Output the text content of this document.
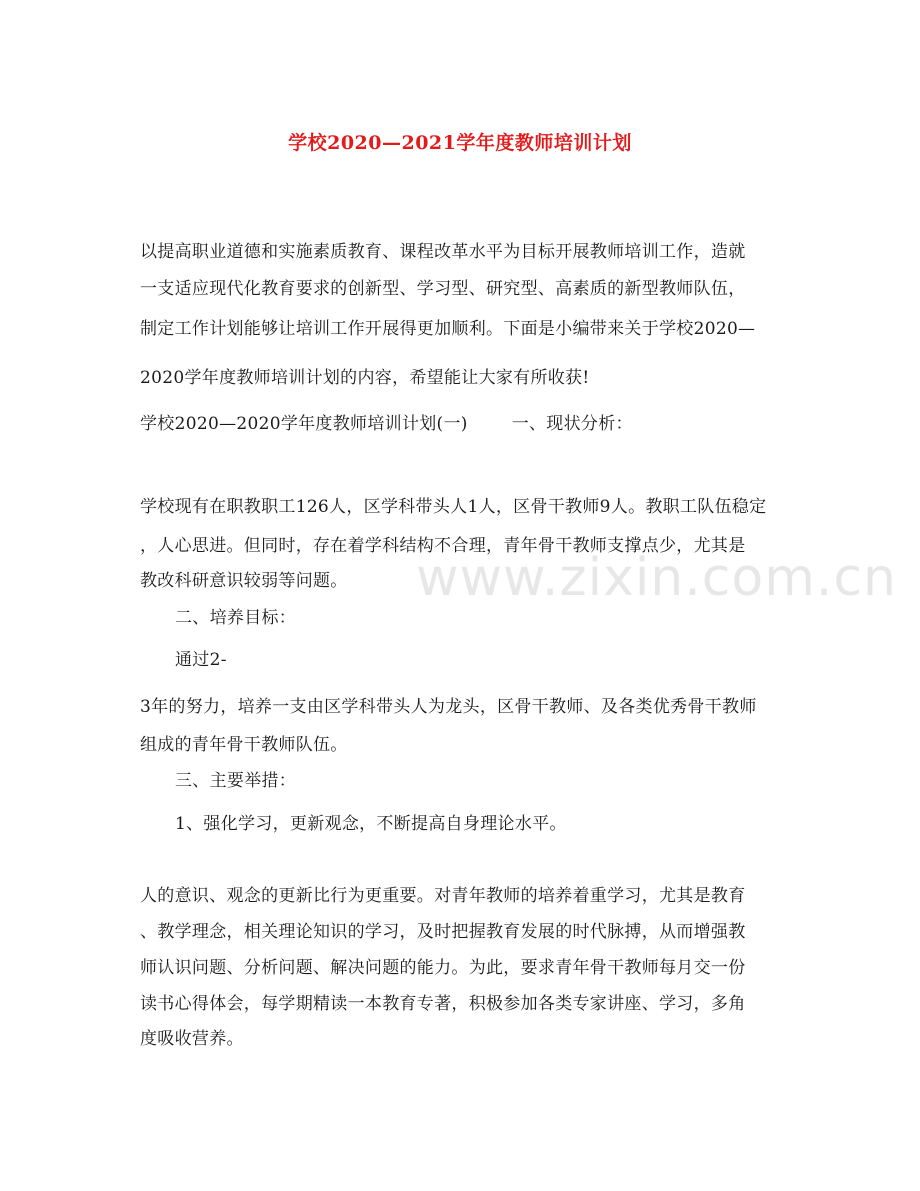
www.zixin.com.cn
学校2020—2021学年度教师培训计划
以提高职业道德和实施素质教育、课程改革水平为目标开展教师培训工作，造就
一支适应现代化教育要求的创新型、学习型、研究型、高素质的新型教师队伍，
制定工作计划能够让培训工作开展得更加顺利。下面是小编带来关于学校2020—
2020学年度教师培训计划的内容，希望能让大家有所收获!
学校2020—2020学年度教师培训计划(一)	一、现状分析：
学校现有在职教职工126人，区学科带头人1人，区骨干教师9人。教职工队伍稳定
，人心思进。但同时，存在着学科结构不合理，青年骨干教师支撑点少，尤其是
教改科研意识较弱等问题。
二、培养目标：
通过2-
3年的努力，培养一支由区学科带头人为龙头，区骨干教师、及各类优秀骨干教师
组成的青年骨干教师队伍。
三、主要举措：
1、强化学习，更新观念，不断提高自身理论水平。
人的意识、观念的更新比行为更重要。对青年教师的培养着重学习，尤其是教育
、教学理念，相关理论知识的学习，及时把握教育发展的时代脉搏，从而增强教
师认识问题、分析问题、解决问题的能力。为此，要求青年骨干教师每月交一份
读书心得体会，每学期精读一本教育专著，积极参加各类专家讲座、学习，多角
度吸收营养。
